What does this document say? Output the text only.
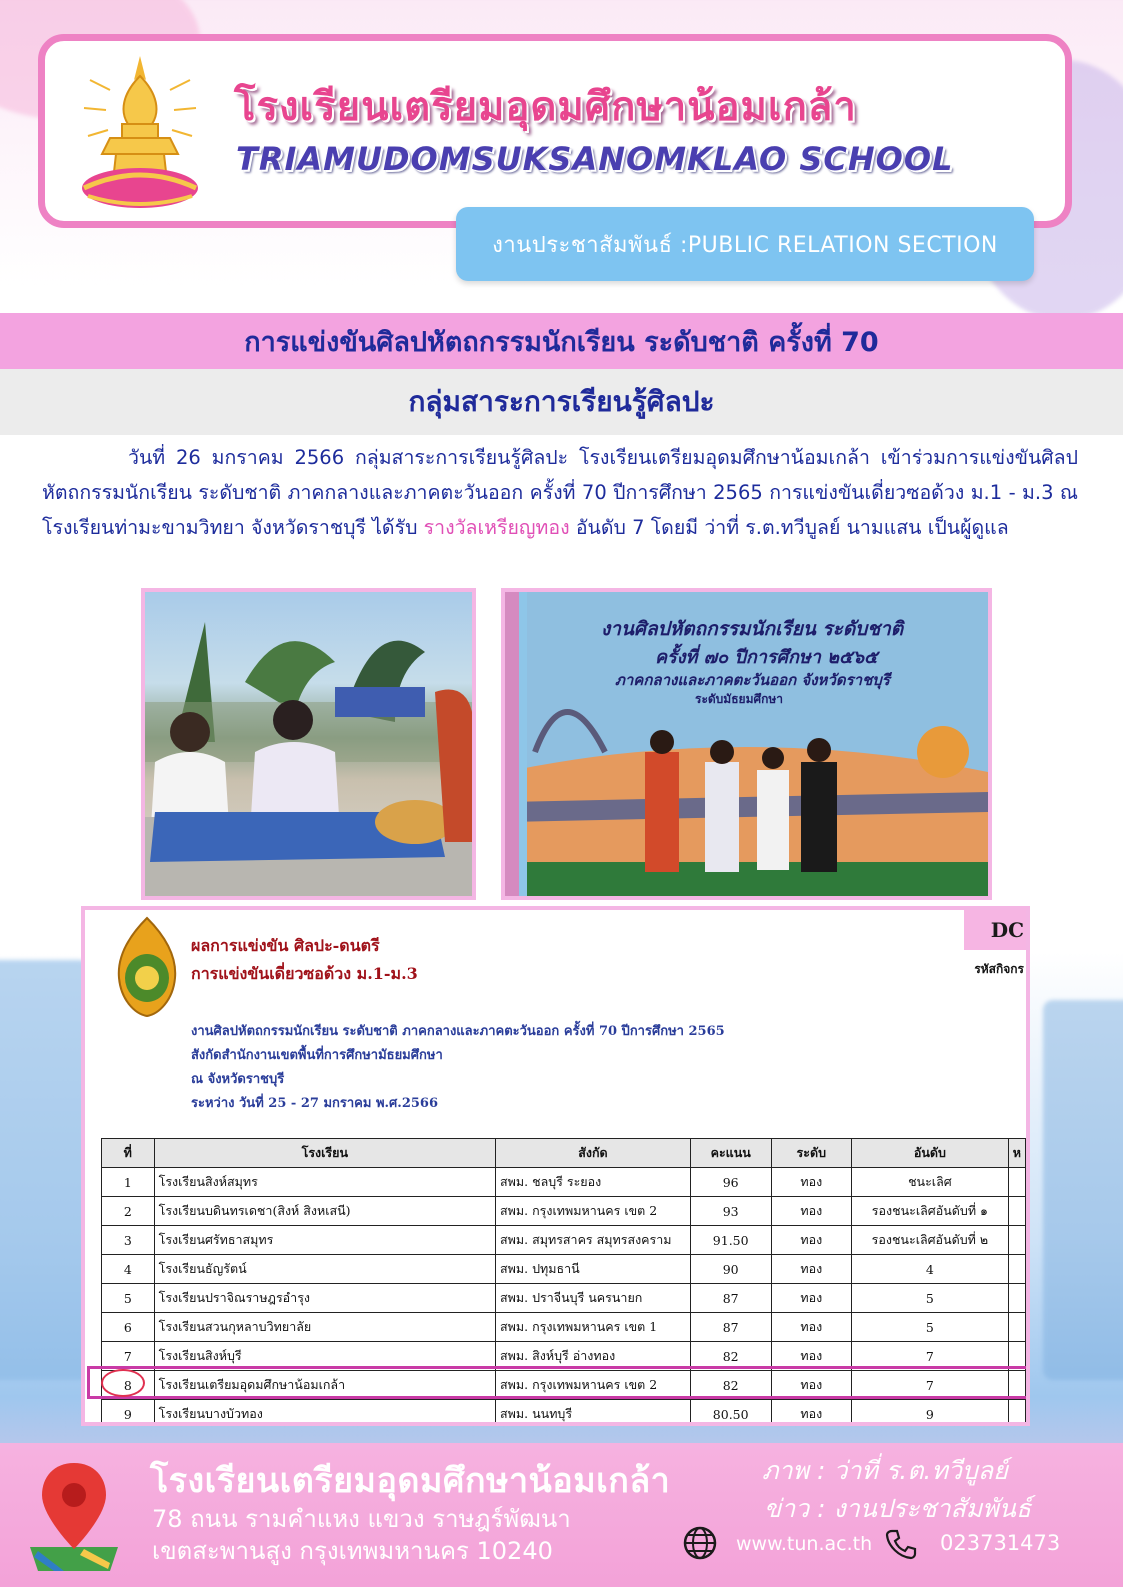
โรงเรียนเตรียมอุดมศึกษาน้อมเกล้า
TRIAMUDOMSUKSANOMKLAO SCHOOL
งานประชาสัมพันธ์ :PUBLIC RELATION SECTION
การแข่งขันศิลปหัตถกรรมนักเรียน ระดับชาติ ครั้งที่ 70
กลุ่มสาระการเรียนรู้ศิลปะ
วันที่ 26 มกราคม 2566 กลุ่มสาระการเรียนรู้ศิลปะ โรงเรียนเตรียมอุดมศึกษาน้อมเกล้า เข้าร่วมการแข่งขันศิลปหัตถกรรมนักเรียน ระดับชาติ ภาคกลางและภาคตะวันออก ครั้งที่ 70 ปีการศึกษา 2565 การแข่งขันเดี่ยวซอด้วง ม.1 - ม.3 ณ โรงเรียนท่ามะขามวิทยา จังหวัดราชบุรี ได้รับ รางวัลเหรียญทอง อันดับ 7 โดยมี ว่าที่ ร.ต.ทวีบูลย์ นามแสน เป็นผู้ดูแล
งานศิลปหัตถกรรมนักเรียน ระดับชาติ
ครั้งที่ ๗๐ ปีการศึกษา ๒๕๖๕
ภาคกลางและภาคตะวันออก จังหวัดราชบุรี
ระดับมัธยมศึกษา
ผลการแข่งขัน ศิลปะ-ดนตรี
การแข่งขันเดี่ยวซอด้วง ม.1-ม.3
งานศิลปหัตถกรรมนักเรียน ระดับชาติ ภาคกลางและภาคตะวันออก ครั้งที่ 70 ปีการศึกษา 2565
สังกัดสำนักงานเขตพื้นที่การศึกษามัธยมศึกษา
ณ จังหวัดราชบุรี
ระหว่าง วันที่ 25 - 27 มกราคม พ.ศ.2566
DC
รหัสกิจกร
ที่	โรงเรียน	สังกัด	คะแนน	ระดับ	อันดับ	ห
1	โรงเรียนสิงห์สมุทร	สพม. ชลบุรี ระยอง	96	ทอง	ชนะเลิศ	
2	โรงเรียนบดินทรเดชา(สิงห์ สิงหเสนี)	สพม. กรุงเทพมหานคร เขต 2	93	ทอง	รองชนะเลิศอันดับที่ ๑	
3	โรงเรียนศรัทธาสมุทร	สพม. สมุทรสาคร สมุทรสงคราม	91.50	ทอง	รองชนะเลิศอันดับที่ ๒	
4	โรงเรียนธัญรัตน์	สพม. ปทุมธานี	90	ทอง	4	
5	โรงเรียนปราจิณราษฎรอำรุง	สพม. ปราจีนบุรี นครนายก	87	ทอง	5	
6	โรงเรียนสวนกุหลาบวิทยาลัย	สพม. กรุงเทพมหานคร เขต 1	87	ทอง	5	
7	โรงเรียนสิงห์บุรี	สพม. สิงห์บุรี อ่างทอง	82	ทอง	7	
8	โรงเรียนเตรียมอุดมศึกษาน้อมเกล้า	สพม. กรุงเทพมหานคร เขต 2	82	ทอง	7	
9	โรงเรียนบางบัวทอง	สพม. นนทบุรี	80.50	ทอง	9	
โรงเรียนเตรียมอุดมศึกษาน้อมเกล้า
78 ถนน รามคำแหง แขวง ราษฎร์พัฒนา
เขตสะพานสูง กรุงเทพมหานคร 10240
ภาพ : ว่าที่ ร.ต.ทวีบูลย์
ข่าว : งานประชาสัมพันธ์
www.tun.ac.th	023731473
